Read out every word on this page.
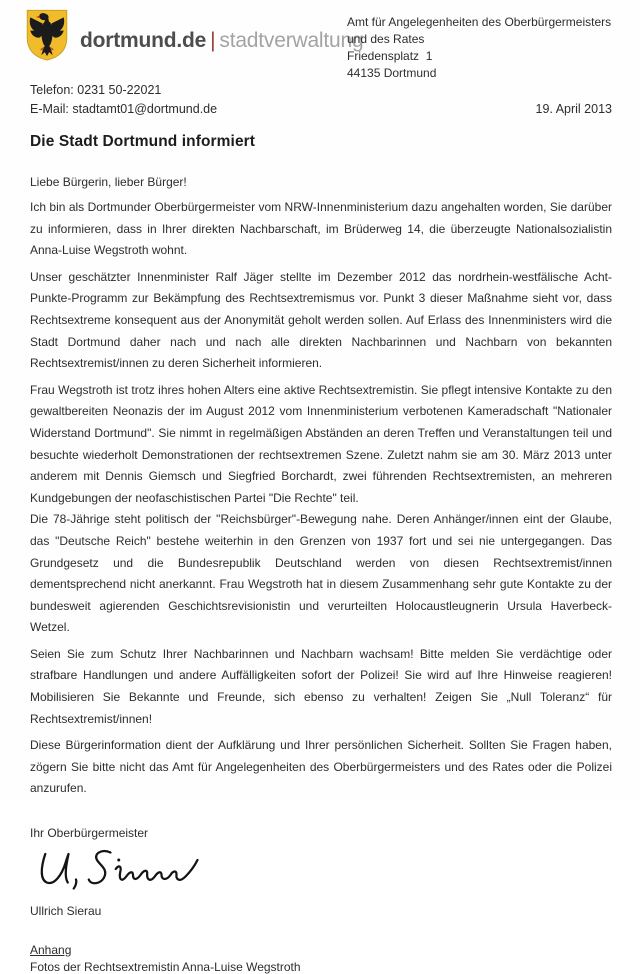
dortmund.de | stadtverwaltung
Amt für Angelegenheiten des Oberbürgermeisters
und des Rates
Friedensplatz  1
44135 Dortmund
Telefon: 0231 50-22021
E-Mail: stadtamt01@dortmund.de	19. April 2013
Die Stadt Dortmund informiert
Liebe Bürgerin, lieber Bürger!

Ich bin als Dortmunder Oberbürgermeister vom NRW-Innenministerium dazu angehalten worden, Sie darüber zu informieren, dass in Ihrer direkten Nachbarschaft, im Brüderweg 14, die überzeugte Nationalsozialistin Anna-Luise Wegstroth wohnt.

Unser geschätzter Innenminister Ralf Jäger stellte im Dezember 2012 das nordrhein-westfälische Acht-Punkte-Programm zur Bekämpfung des Rechtsextremismus vor. Punkt 3 dieser Maßnahme sieht vor, dass Rechtsextreme konsequent aus der Anonymität geholt werden sollen. Auf Erlass des Innenministers wird die Stadt Dortmund daher nach und nach alle direkten Nachbarinnen und Nachbarn von bekannten Rechtsextremist/innen zu deren Sicherheit informieren.

Frau Wegstroth ist trotz ihres hohen Alters eine aktive Rechtsextremistin. Sie pflegt intensive Kontakte zu den gewaltbereiten Neonazis der im August 2012 vom Innenministerium verbotenen Kameradschaft "Nationaler Widerstand Dortmund". Sie nimmt in regelmäßigen Abständen an deren Treffen und Veranstaltungen teil und besuchte wiederholt Demonstrationen der rechtsextremen Szene. Zuletzt nahm sie am 30. März 2013 unter anderem mit Dennis Giemsch und Siegfried Borchardt, zwei führenden Rechtsextremisten, an mehreren Kundgebungen der neofaschistischen Partei "Die Rechte" teil.

Die 78-Jährige steht politisch der "Reichsbürger"-Bewegung nahe. Deren Anhänger/innen eint der Glaube, das "Deutsche Reich" bestehe weiterhin in den Grenzen von 1937 fort und sei nie untergegangen. Das Grundgesetz und die Bundesrepublik Deutschland werden von diesen Rechtsextremist/innen dementsprechend nicht anerkannt. Frau Wegstroth hat in diesem Zusammenhang sehr gute Kontakte zu der bundesweit agierenden Geschichtsrevisionistin und verurteilten Holocaustleugnerin Ursula Haverbeck-Wetzel.

Seien Sie zum Schutz Ihrer Nachbarinnen und Nachbarn wachsam! Bitte melden Sie verdächtige oder strafbare Handlungen und andere Auffälligkeiten sofort der Polizei! Sie wird auf Ihre Hinweise reagieren! Mobilisieren Sie Bekannte und Freunde, sich ebenso zu verhalten! Zeigen Sie „Null Toleranz“ für Rechtsextremist/innen!

Diese Bürgerinformation dient der Aufklärung und Ihrer persönlichen Sicherheit. Sollten Sie Fragen haben, zögern Sie bitte nicht das Amt für Angelegenheiten des Oberbürgermeisters und des Rates oder die Polizei anzurufen.

Ihr Oberbürgermeister
Ullrich Sierau
Anhang
Fotos der Rechtsextremistin Anna-Luise Wegstroth
